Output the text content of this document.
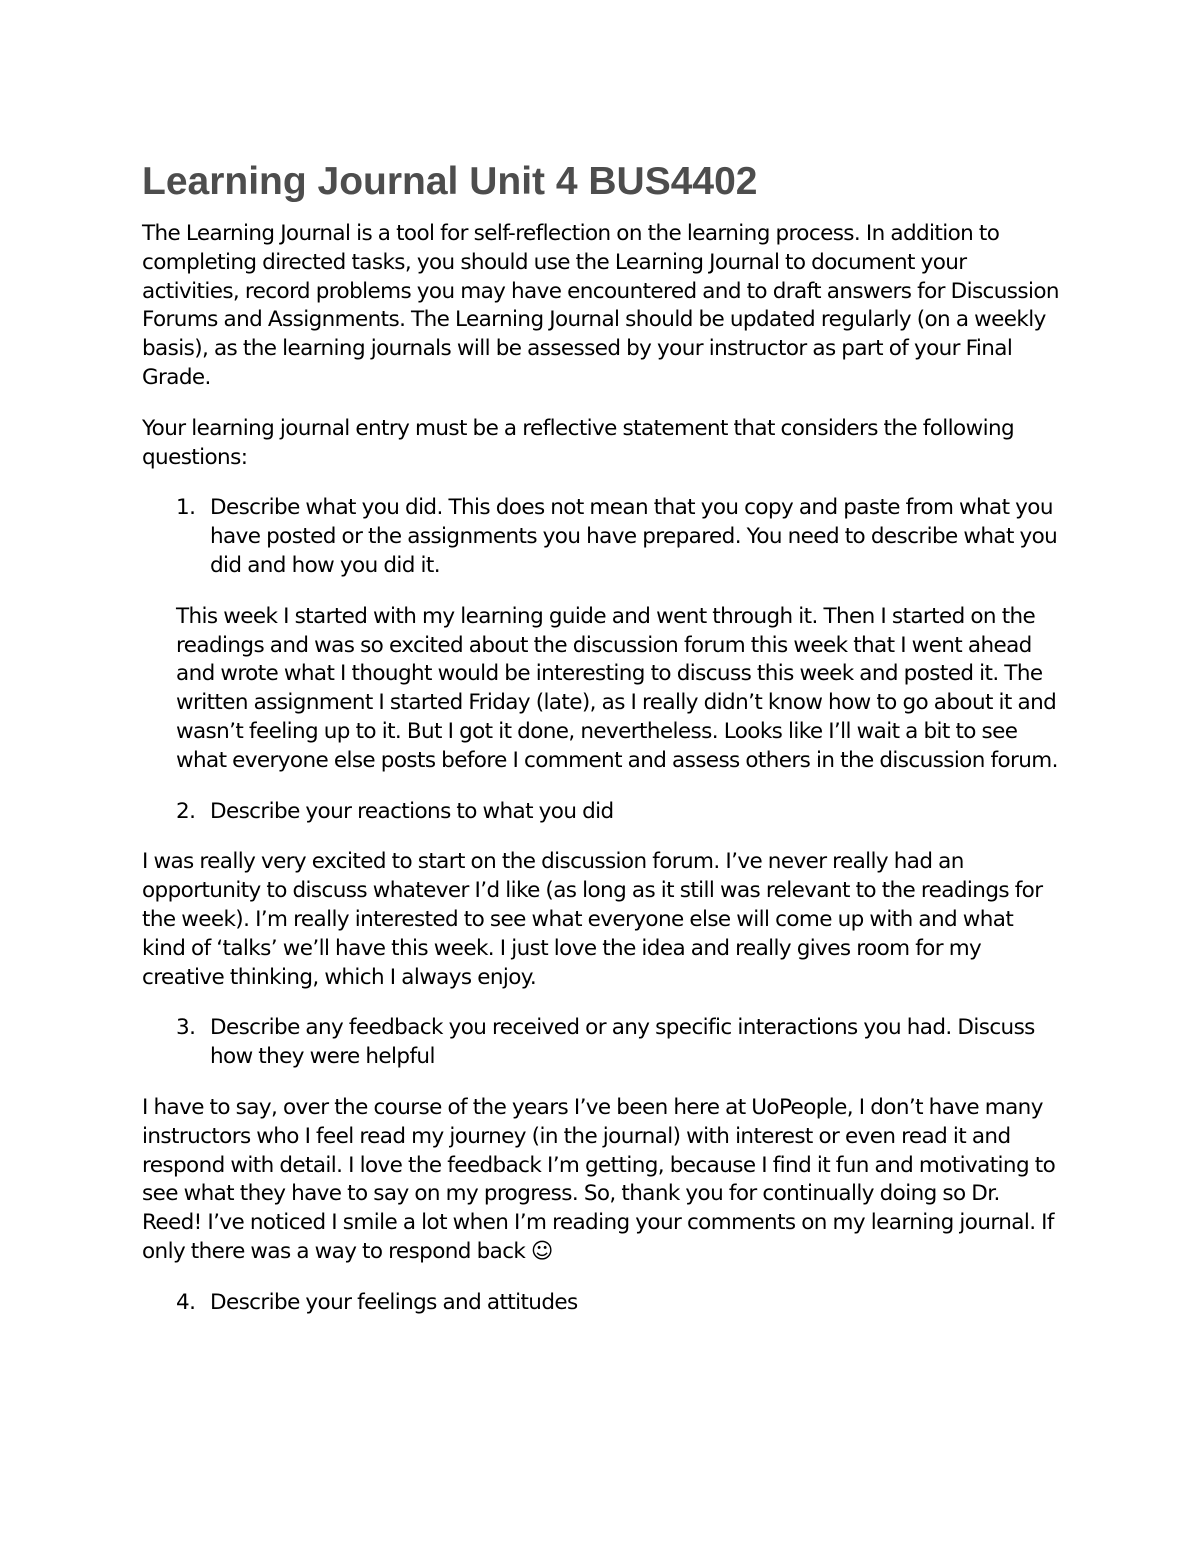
Learning Journal Unit 4 BUS4402

The Learning Journal is a tool for self-reflection on the learning process. In addition to completing directed tasks, you should use the Learning Journal to document your activities, record problems you may have encountered and to draft answers for Discussion Forums and Assignments. The Learning Journal should be updated regularly (on a weekly basis), as the learning journals will be assessed by your instructor as part of your Final Grade.

Your learning journal entry must be a reflective statement that considers the following questions:

1. Describe what you did. This does not mean that you copy and paste from what you have posted or the assignments you have prepared. You need to describe what you did and how you did it.

This week I started with my learning guide and went through it. Then I started on the readings and was so excited about the discussion forum this week that I went ahead and wrote what I thought would be interesting to discuss this week and posted it. The written assignment I started Friday (late), as I really didn’t know how to go about it and wasn’t feeling up to it. But I got it done, nevertheless. Looks like I’ll wait a bit to see what everyone else posts before I comment and assess others in the discussion forum.

2. Describe your reactions to what you did

I was really very excited to start on the discussion forum. I’ve never really had an opportunity to discuss whatever I’d like (as long as it still was relevant to the readings for the week). I’m really interested to see what everyone else will come up with and what kind of ‘talks’ we’ll have this week. I just love the idea and really gives room for my creative thinking, which I always enjoy.

3. Describe any feedback you received or any specific interactions you had. Discuss how they were helpful

I have to say, over the course of the years I’ve been here at UoPeople, I don’t have many instructors who I feel read my journey (in the journal) with interest or even read it and respond with detail. I love the feedback I’m getting, because I find it fun and motivating to see what they have to say on my progress. So, thank you for continually doing so Dr. Reed! I’ve noticed I smile a lot when I’m reading your comments on my learning journal. If only there was a way to respond back ☺

4. Describe your feelings and attitudes
